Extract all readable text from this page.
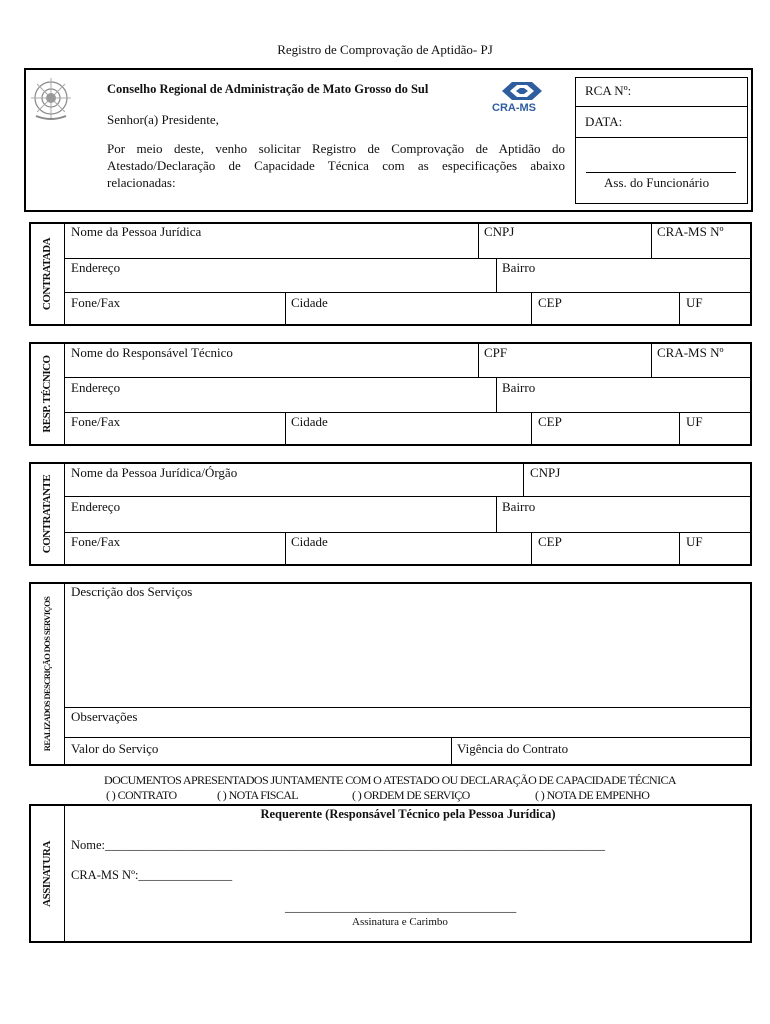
Registro de Comprovação de Aptidão- PJ
Conselho Regional de Administração de Mato Grosso do Sul
Senhor(a) Presidente,
Por meio deste, venho solicitar Registro de Comprovação de Aptidão do Atestado/Declaração de Capacidade Técnica com as especificações abaixo relacionadas:
CRA-MS
RCA Nº:
DATA:
Ass. do Funcionário
CONTRATADA
Nome da Pessoa Jurídica	CNPJ	CRA-MS Nº
Endereço	Bairro
Fone/Fax	Cidade	CEP	UF
RESP. TÉCNICO
Nome do Responsável Técnico	CPF	CRA-MS Nº
Endereço	Bairro
Fone/Fax	Cidade	CEP	UF
CONTRATANTE
Nome da Pessoa Jurídica/Órgão	CNPJ
Endereço	Bairro
Fone/Fax	Cidade	CEP	UF
REALIZADOS DESCRIÇÃO DOS SERVIÇOS
Descrição dos Serviços
Observações
Valor do Serviço	Vigência do Contrato
DOCUMENTOS APRESENTADOS JUNTAMENTE COM O ATESTADO OU DECLARAÇÃO DE CAPACIDADE TÉCNICA
( ) CONTRATO	( ) NOTA FISCAL	( ) ORDEM DE SERVIÇO	( ) NOTA DE EMPENHO
ASSINATURA
Requerente (Responsável Técnico pela Pessoa Jurídica)
Nome:________________________________________________________________________________
CRA-MS Nº:_______________
_____________________________________
Assinatura e Carimbo
